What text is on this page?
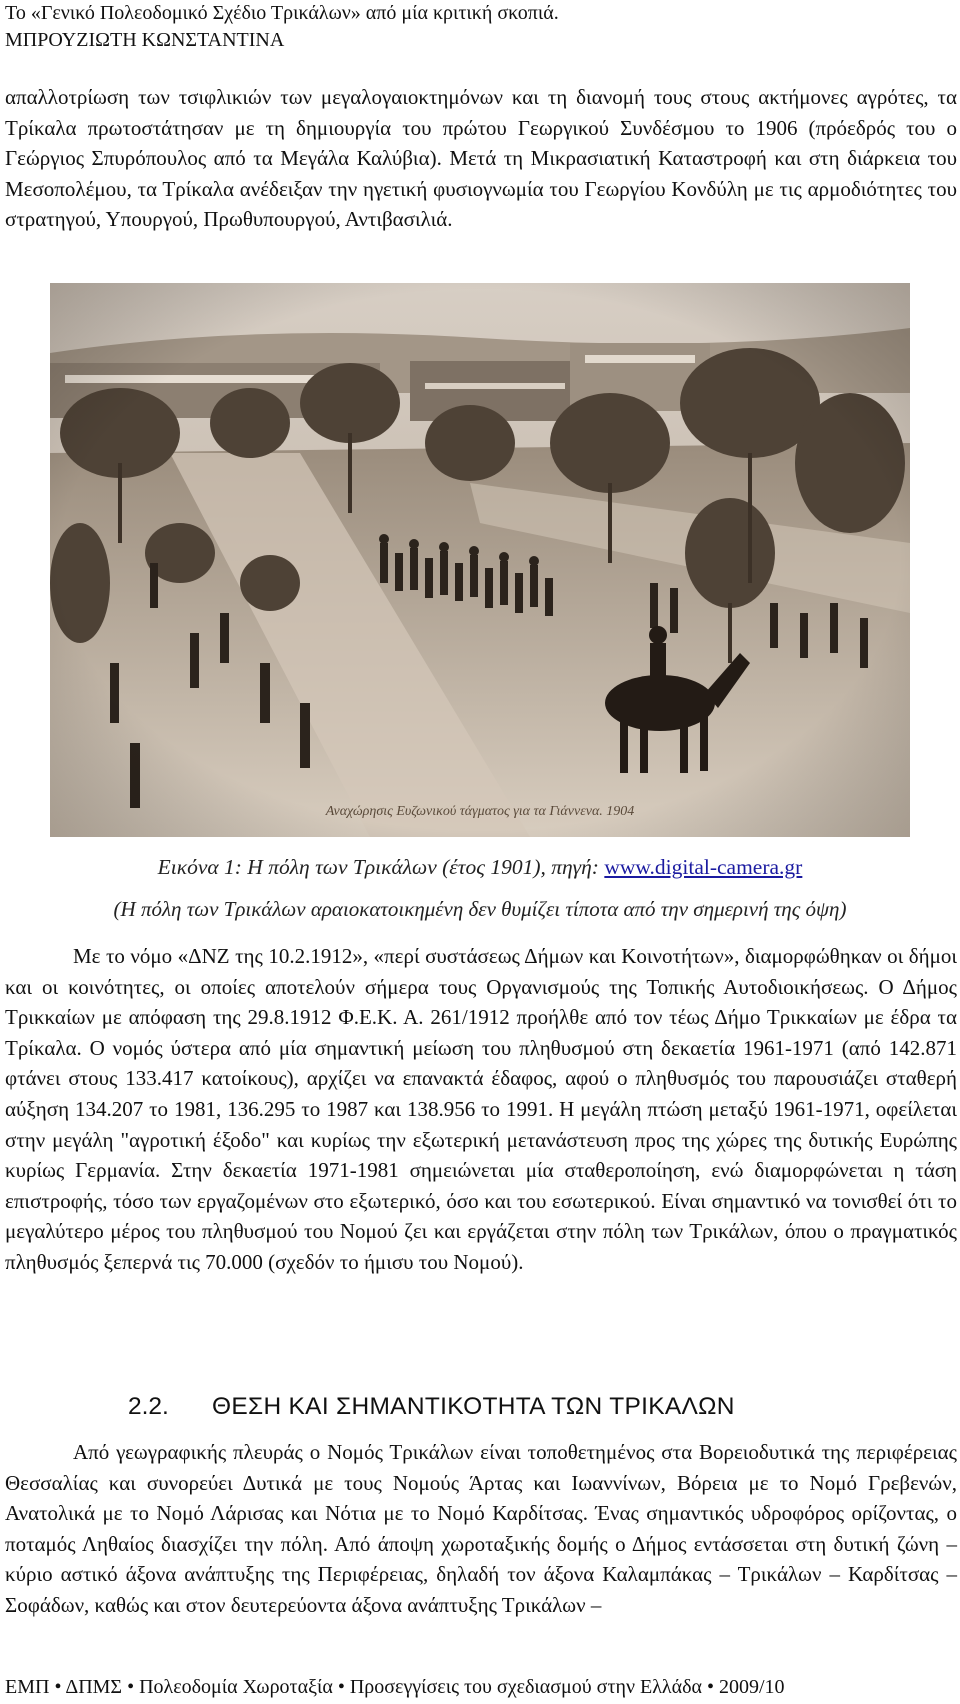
Το «Γενικό Πολεοδομικό Σχέδιο Τρικάλων» από μία κριτική σκοπιά.
ΜΠΡΟΥΖΙΩΤΗ ΚΩΝΣΤΑΝΤΙΝΑ

απαλλοτρίωση των τσιφλικιών των μεγαλογαιοκτημόνων και τη διανομή τους στους ακτήμονες αγρότες, τα Τρίκαλα πρωτοστάτησαν με τη δημιουργία του πρώτου Γεωργικού Συνδέσμου το 1906 (πρόεδρός του ο Γεώργιος Σπυρόπουλος από τα Μεγάλα Καλύβια). Μετά τη Μικρασιατική Καταστροφή και στη διάρκεια του Μεσοπολέμου, τα Τρίκαλα ανέδειξαν την ηγετική φυσιογνωμία του Γεωργίου Κονδύλη με τις αρμοδιότητες του στρατηγού, Υπουργού, Πρωθυπουργού, Αντιβασιλιά.

Αναχώρησις Ευζωνικού τάγματος για τα Γιάννενα. 1904
Εικόνα 1: Η πόλη των Τρικάλων (έτος 1901), πηγή: www.digital-camera.gr
(Η πόλη των Τρικάλων αραιοκατοικημένη δεν θυμίζει τίποτα από την σημερινή της όψη)

Με το νόμο «ΔΝΖ της 10.2.1912», «περί συστάσεως Δήμων και Κοινοτήτων», διαμορφώθηκαν οι δήμοι και οι κοινότητες, οι οποίες αποτελούν σήμερα τους Οργανισμούς της Τοπικής Αυτοδιοικήσεως. Ο Δήμος Τρικκαίων με απόφαση της 29.8.1912 Φ.Ε.Κ. Α. 261/1912 προήλθε από τον τέως Δήμο Τρικκαίων με έδρα τα Τρίκαλα. Ο νομός ύστερα από μία σημαντική μείωση του πληθυσμού στη δεκαετία 1961-1971 (από 142.871 φτάνει στους 133.417 κατοίκους), αρχίζει να επανακτά έδαφος, αφού ο πληθυσμός του παρουσιάζει σταθερή αύξηση 134.207 το 1981, 136.295 το 1987 και 138.956 το 1991. Η μεγάλη πτώση μεταξύ 1961-1971, οφείλεται στην μεγάλη "αγροτική έξοδο" και κυρίως την εξωτερική μετανάστευση προς της χώρες της δυτικής Ευρώπης κυρίως Γερμανία. Στην δεκαετία 1971-1981 σημειώνεται μία σταθεροποίηση, ενώ διαμορφώνεται η τάση επιστροφής, τόσο των εργαζομένων στο εξωτερικό, όσο και του εσωτερικού. Είναι σημαντικό να τονισθεί ότι το μεγαλύτερο μέρος του πληθυσμού του Νομού ζει και εργάζεται στην πόλη των Τρικάλων, όπου ο πραγματικός πληθυσμός ξεπερνά τις 70.000 (σχεδόν το ήμισυ του Νομού).

2.2. ΘΕΣΗ ΚΑΙ ΣΗΜΑΝΤΙΚΟΤΗΤΑ ΤΩΝ ΤΡΙΚΑΛΩΝ

Από γεωγραφικής πλευράς ο Νομός Τρικάλων είναι τοποθετημένος στα Βορειοδυτικά της περιφέρειας Θεσσαλίας και συνορεύει Δυτικά με τους Νομούς Άρτας και Ιωαννίνων, Βόρεια με το Νομό Γρεβενών, Ανατολικά με το Νομό Λάρισας και Νότια με το Νομό Καρδίτσας. Ένας σημαντικός υδροφόρος ορίζοντας, ο ποταμός Ληθαίος διασχίζει την πόλη. Από άποψη χωροταξικής δομής ο Δήμος εντάσσεται στη δυτική ζώνη – κύριο αστικό άξονα ανάπτυξης της Περιφέρειας, δηλαδή τον άξονα Καλαμπάκας – Τρικάλων – Καρδίτσας – Σοφάδων, καθώς και στον δευτερεύοντα άξονα ανάπτυξης Τρικάλων –

ΕΜΠ • ΔΠΜΣ • Πολεοδομία Χωροταξία • Προσεγγίσεις του σχεδιασμού στην Ελλάδα • 2009/10
